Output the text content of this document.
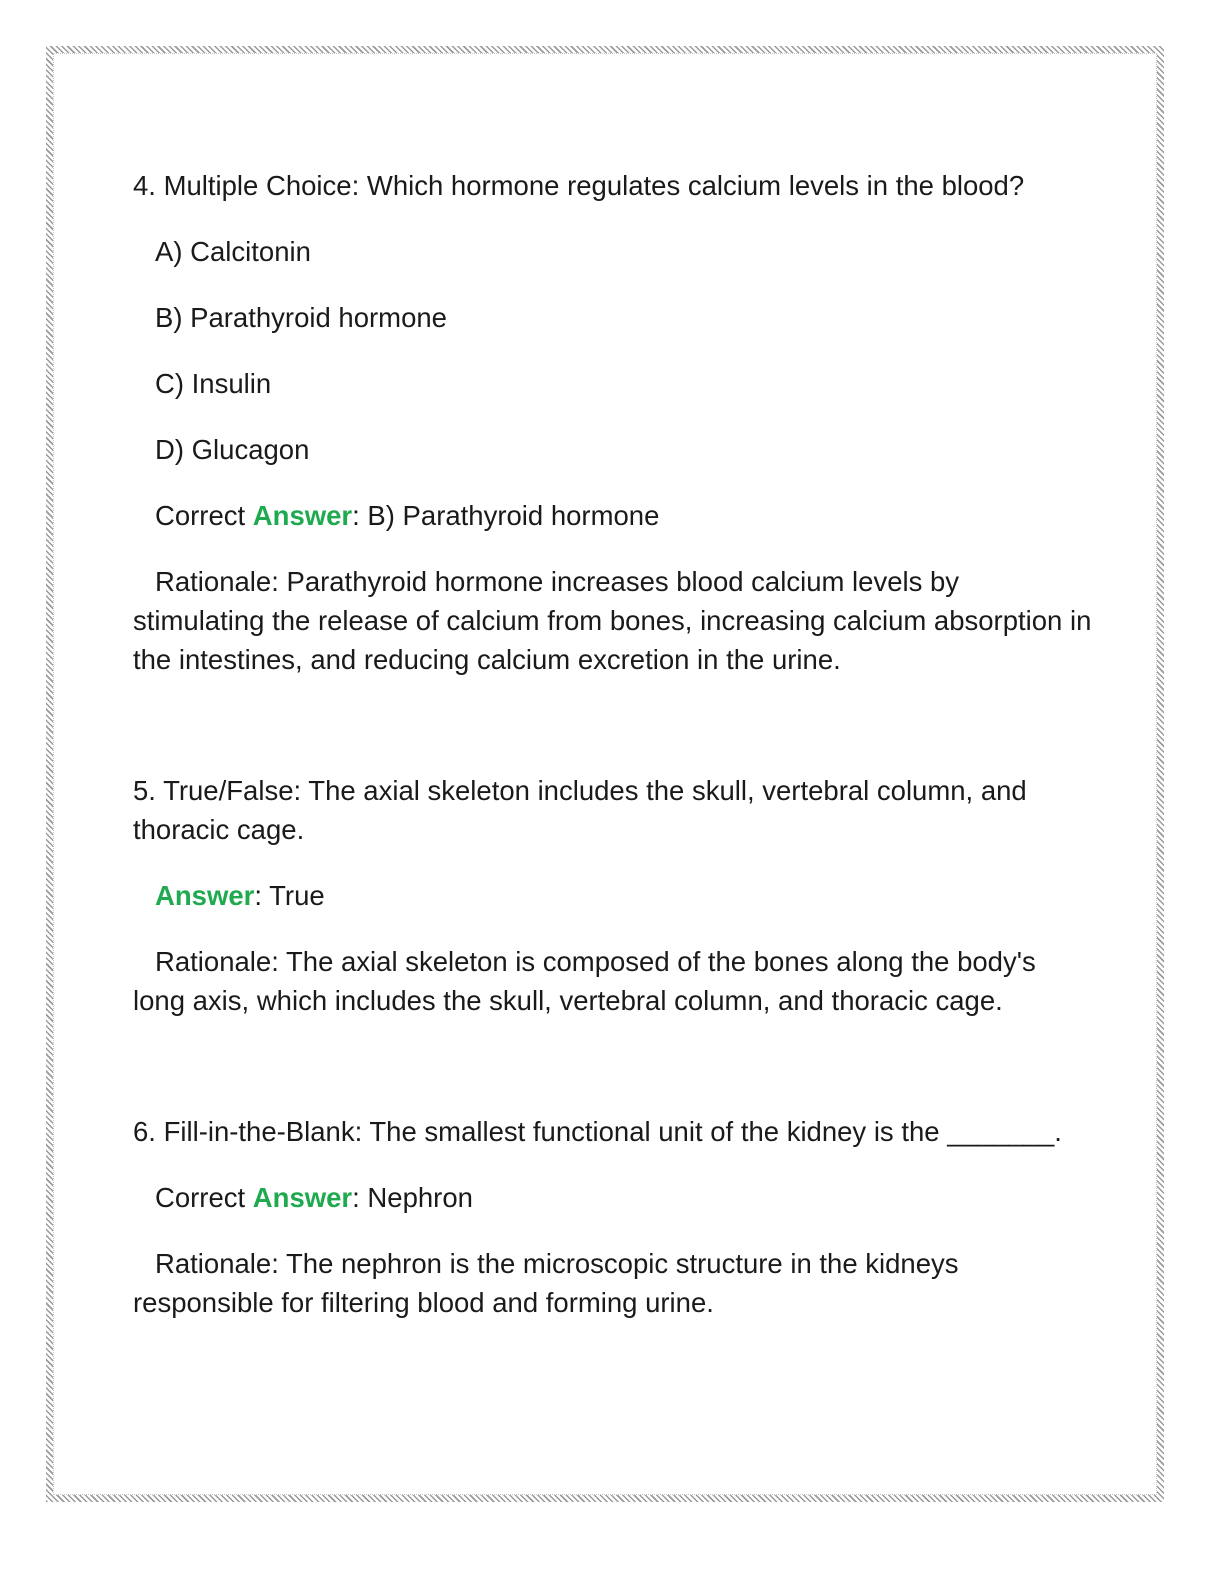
4. Multiple Choice: Which hormone regulates calcium levels in the blood?

A) Calcitonin

B) Parathyroid hormone

C) Insulin

D) Glucagon

Correct Answer: B) Parathyroid hormone

Rationale: Parathyroid hormone increases blood calcium levels by stimulating the release of calcium from bones, increasing calcium absorption in the intestines, and reducing calcium excretion in the urine.

5. True/False: The axial skeleton includes the skull, vertebral column, and thoracic cage.

Answer: True

Rationale: The axial skeleton is composed of the bones along the body's long axis, which includes the skull, vertebral column, and thoracic cage.

6. Fill-in-the-Blank: The smallest functional unit of the kidney is the _______.

Correct Answer: Nephron

Rationale: The nephron is the microscopic structure in the kidneys responsible for filtering blood and forming urine.
